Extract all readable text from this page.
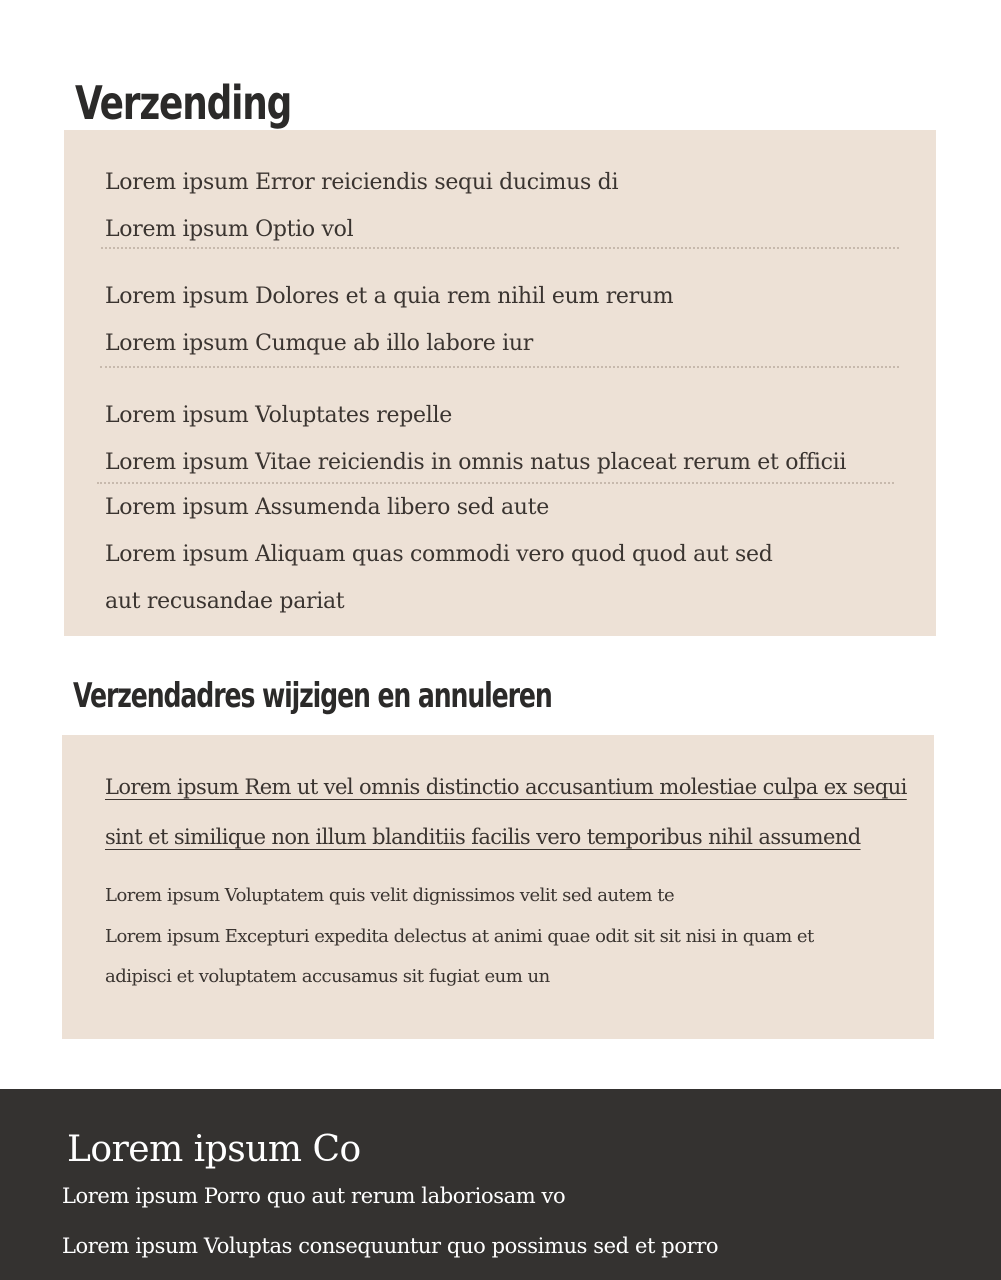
Verzending
Lorem ipsum Error reiciendis sequi ducimus di
Lorem ipsum Optio vol
Lorem ipsum Dolores et a quia rem nihil eum rerum
Lorem ipsum Cumque ab illo labore iur
Lorem ipsum Voluptates repelle
Lorem ipsum Vitae reiciendis in omnis natus placeat rerum et officii
Lorem ipsum Assumenda libero sed aute
Lorem ipsum Aliquam quas commodi vero quod quod aut sed
aut recusandae pariat
Verzendadres wijzigen en annuleren
Lorem ipsum Rem ut vel omnis distinctio accusantium molestiae culpa ex sequi
sint et similique non illum blanditiis facilis vero temporibus nihil assumend
Lorem ipsum Voluptatem quis velit dignissimos velit sed autem te
Lorem ipsum Excepturi expedita delectus at animi quae odit sit sit nisi in quam et
adipisci et voluptatem accusamus sit fugiat eum un
Lorem ipsum Co
Lorem ipsum Porro quo aut rerum laboriosam vo
Lorem ipsum Voluptas consequuntur quo possimus sed et porro
